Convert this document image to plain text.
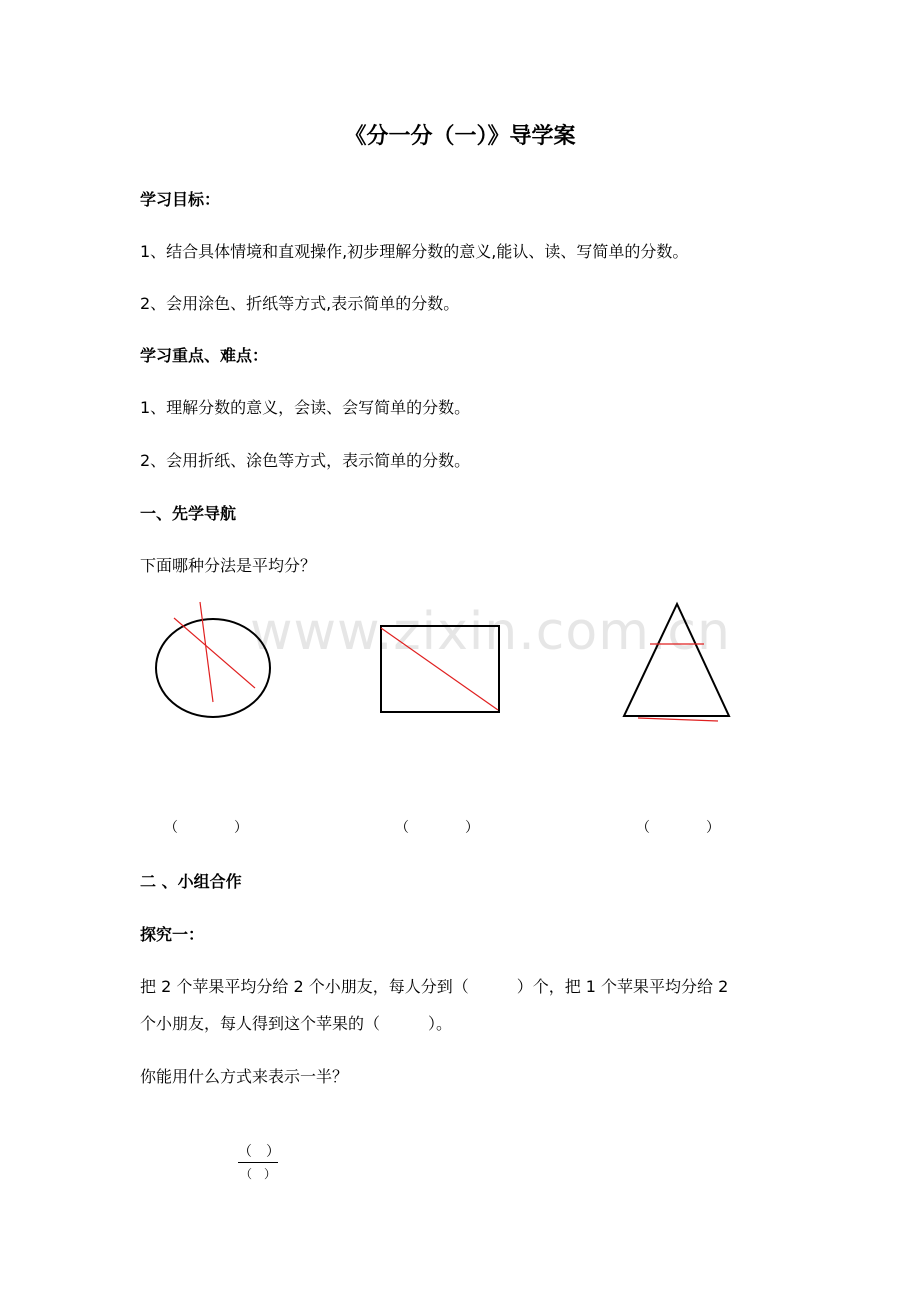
《分一分（一）》导学案
学习目标：
1、结合具体情境和直观操作,初步理解分数的意义,能认、读、写简单的分数。
2、会用涂色、折纸等方式,表示简单的分数。
学习重点、难点：
1、理解分数的意义，会读、会写简单的分数。
2、会用折纸、涂色等方式，表示简单的分数。
一、先学导航
下面哪种分法是平均分？
www.zixin.com.cn
（　　　　）	（　　　　）	（　　　　）
二 、小组合作
探究一：
把 2 个苹果平均分给 2 个小朋友，每人分到（　　　）个，把 1 个苹果平均分给 2
个小朋友，每人得到这个苹果的（　　　）。
你能用什么方式来表示一半？
（　）
（　）
